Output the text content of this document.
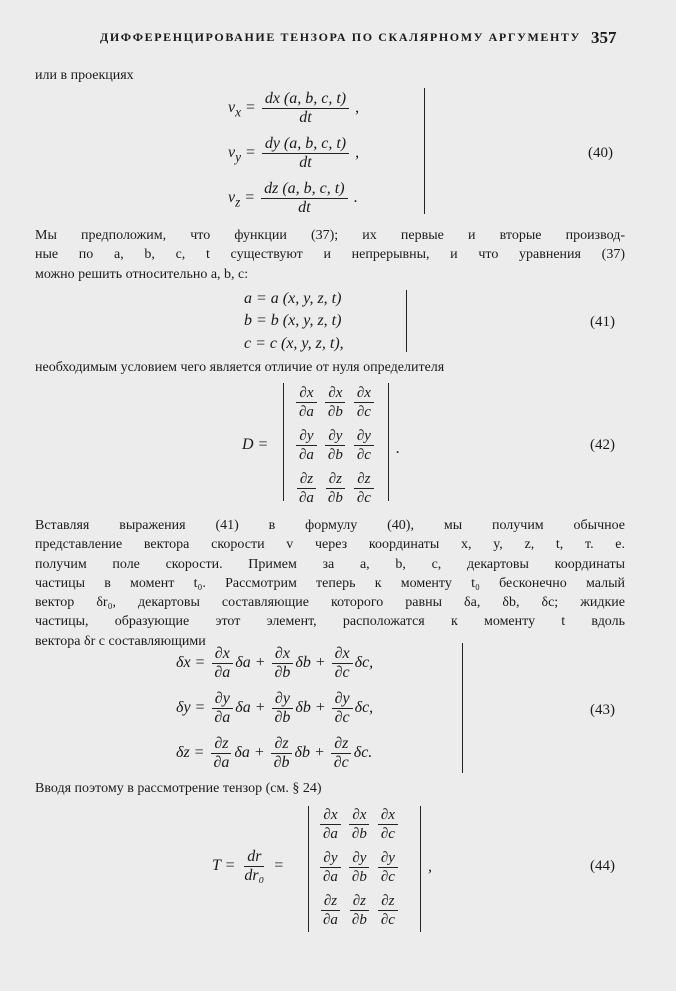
ДИФФЕРЕНЦИРОВАНИЕ ТЕНЗОРА ПО СКАЛЯРНОМУ АРГУМЕНТУ 357
или в проекциях
$v_x = \frac{dx (a, b, c, t)}{dt}$ ,
$v_y = \frac{dy (a, b, c, t)}{dt}$ ,
$v_z = \frac{dz (a, b, c, t)}{dt}$ .
(40)
Мы предположим, что функции (37); их первые и вторые производ-
ные по a, b, c, t существуют и непрерывны, и что уравнения (37)
можно решить относительно a, b, c:
a = a (x, y, z, t)
b = b (x, y, z, t)
c = c (x, y, z, t),
(41)
необходимым условием чего является отличие от нуля определителя
D =
$\frac{\partial x}{\partial a} \frac{\partial x}{\partial b} \frac{\partial x}{\partial c}$
$\frac{\partial y}{\partial a} \frac{\partial y}{\partial b} \frac{\partial y}{\partial c}$
$\frac{\partial z}{\partial a} \frac{\partial z}{\partial b} \frac{\partial z}{\partial c}$
.	(42)
Вставляя выражения (41) в формулу (40), мы получим обычное
представление вектора скорости v через координаты x, y, z, t, т. е.
получим поле скорости. Примем за a, b, c, декартовы координаты
частицы в момент t₀. Рассмотрим теперь к моменту t₀ бесконечно малый
вектор δr₀, декартовы составляющие которого равны δa, δb, δc; жидкие
частицы, образующие этот элемент, расположатся к моменту t вдоль
вектора δr с составляющими
$\delta x = \frac{\partial x}{\partial a}$ $\delta a + \frac{\partial x}{\partial b}$ $\delta b + \frac{\partial x}{\partial c} \delta c$,
$\delta y = \frac{\partial y}{\partial a}$ $\delta a + \frac{\partial y}{\partial b}$ $\delta b + \frac{\partial y}{\partial c} \delta c$,
$\delta z = \frac{\partial z}{\partial a}$ $\delta a + \frac{\partial z}{\partial b}$ $\delta b + \frac{\partial z}{\partial c} \delta c$.
(43)
Вводя поэтому в рассмотрение тензор (см. § 24)
$T = \frac{dr}{\text{dr₀}}$ =
$\frac{\partial x}{\partial a} \frac{\partial x}{\partial b} \frac{\partial x}{\partial c}$
$\frac{\partial y}{\partial a} \frac{\partial y}{\partial b} \frac{\partial y}{\partial c}$
$\frac{\partial z}{\partial a} \frac{\partial z}{\partial b} \frac{\partial z}{\partial c}$
,	(44)
